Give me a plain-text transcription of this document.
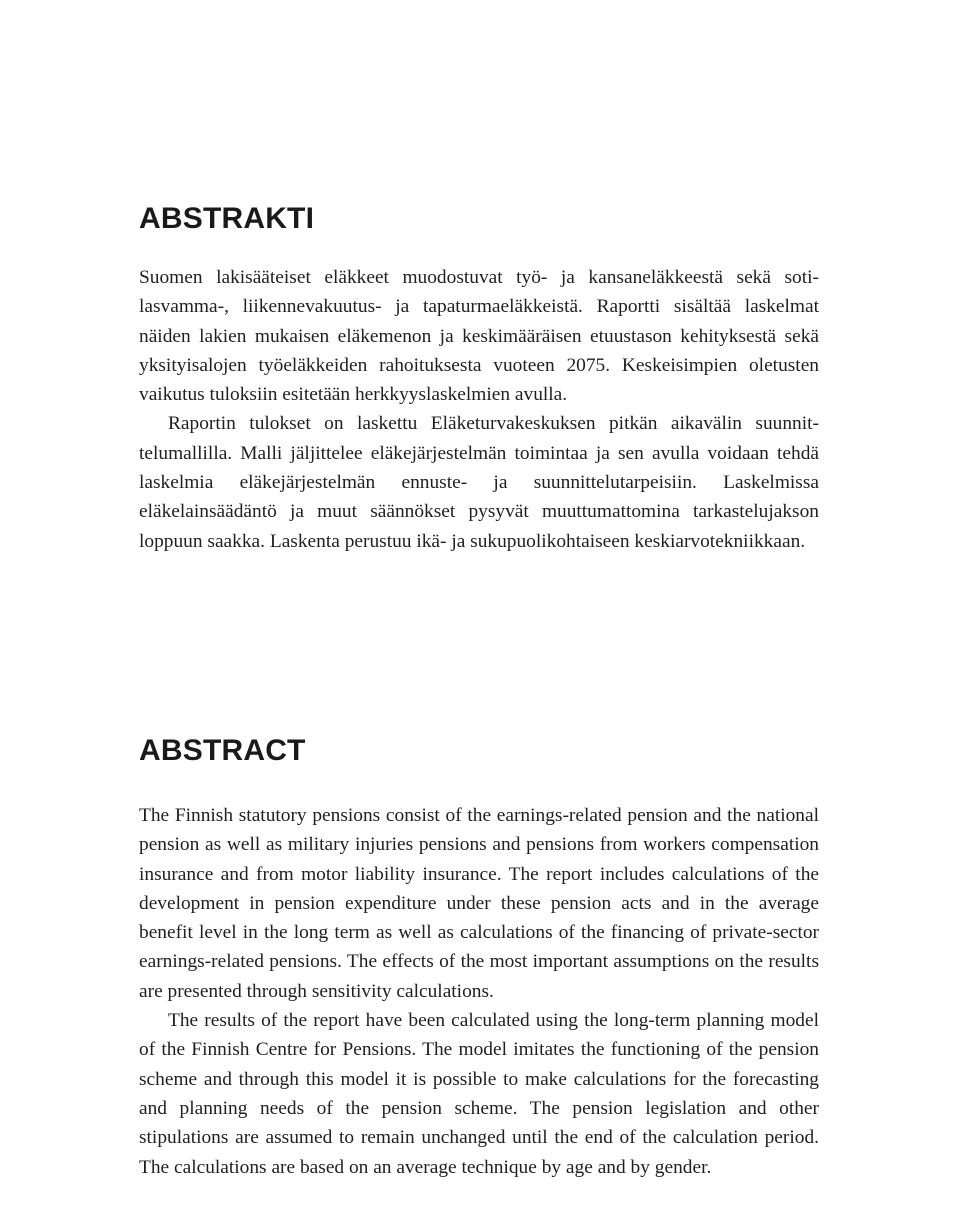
ABSTRAKTI

Suomen lakisääteiset eläkkeet muodostuvat työ- ja kansaneläkkeestä sekä sotilasvamma-, liikennevakuutus- ja tapaturmaeläkkeistä. Raportti sisältää laskelmat näiden lakien mukaisen eläkemenon ja keskimääräisen etuustason kehityksestä sekä yksityisalojen työeläkkeiden rahoituksesta vuoteen 2075. Keskeisimpien oletusten vaikutus tuloksiin esitetään herkkyyslaskelmien avulla.

Raportin tulokset on laskettu Eläketurvakeskuksen pitkän aikavälin suunnittelumallilla. Malli jäljittelee eläkejärjestelmän toimintaa ja sen avulla voidaan tehdä laskelmia eläkejärjestelmän ennuste- ja suunnittelutarpeisiin. Laskelmissa eläkelainsäädäntö ja muut säännökset pysyvät muuttumattomina tarkastelujakson loppuun saakka. Laskenta perustuu ikä- ja sukupuolikohtaiseen keskiarvotekniikkaan.

ABSTRACT

The Finnish statutory pensions consist of the earnings-related pension and the national pension as well as military injuries pensions and pensions from workers compensation insurance and from motor liability insurance. The report includes calculations of the development in pension expenditure under these pension acts and in the average benefit level in the long term as well as calculations of the financing of private-sector earnings-related pensions. The effects of the most important assumptions on the results are presented through sensitivity calculations.

The results of the report have been calculated using the long-term planning model of the Finnish Centre for Pensions. The model imitates the functioning of the pension scheme and through this model it is possible to make calculations for the forecasting and planning needs of the pension scheme. The pension legislation and other stipulations are assumed to remain unchanged until the end of the calculation period. The calculations are based on an average technique by age and by gender.
